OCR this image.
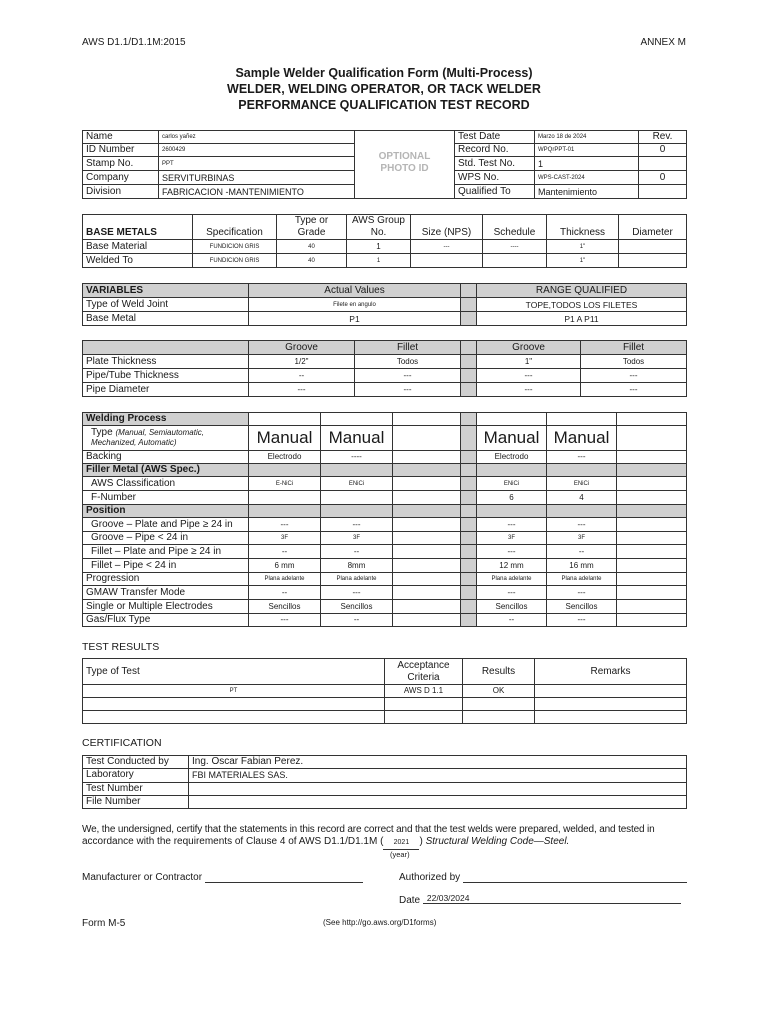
AWS D1.1/D1.1M:2015	ANNEX M
Sample Welder Qualification Form (Multi-Process)
WELDER, WELDING OPERATOR, OR TACK WELDER
PERFORMANCE QUALIFICATION TEST RECORD
Name	carlos yañez	OPTIONAL
PHOTO ID	Test Date	Marzo 18 de 2024	Rev.
ID Number	2600429		Record No.	WPQrPPT-01	0
Stamp No.	PPT		Std. Test No.	1	
Company	SERVITURBINAS		WPS No.	WPS-CAST-2024	0
Division	FABRICACION -MANTENIMIENTO		Qualified To	Mantenimiento	
BASE METALS	Specification	Type or Grade	AWS Group No.	Size (NPS)	Schedule	Thickness	Diameter
Base Material	FUNDICION GRIS	40	1	---	----	1"	
Welded To	FUNDICION GRIS	40	1			1"	
VARIABLES	Actual Values		RANGE QUALIFIED
Type of Weld Joint	Filete en angulo		TOPE,TODOS LOS FILETES
Base Metal	P1		P1 A P11
	Groove	Fillet		Groove	Fillet
Plate Thickness	1/2"	Todos		1"	Todos
Pipe/Tube Thickness	--	---		---	---
Pipe Diameter	---	---		---	---
Welding Process							
Type (Manual, Semiautomatic, Mechanized, Automatic)	Manual	Manual			Manual	Manual	
Backing	Electrodo	----			Electrodo	---	
Filler Metal (AWS Spec.)							
AWS Classification	E-NiCi	ENiCi			ENiCi	ENiCi	
F-Number					6	4	
Position							
Groove – Plate and Pipe ≥ 24 in	---	---			---	---	
Groove – Pipe < 24 in	3F	3F			3F	3F	
Fillet – Plate and Pipe ≥ 24 in	--	--			---	--	
Fillet – Pipe < 24 in	6 mm	8mm			12 mm	16 mm	
Progression	Plana adelante	Plana adelante			Plana adelante	Plana adelante	
GMAW Transfer Mode	--	---			---	---	
Single or Multiple Electrodes	Sencillos	Sencillos			Sencillos	Sencillos	
Gas/Flux Type	---	--			--	---	
TEST RESULTS
Type of Test	Acceptance Criteria	Results	Remarks
PT	AWS D 1.1	OK	

CERTIFICATION
Test Conducted by	Ing. Oscar Fabian Perez.
Laboratory	FBI MATERIALES SAS.
Test Number	
File Number	
We, the undersigned, certify that the statements in this record are correct and that the test welds were prepared, welded, and tested in
accordance with the requirements of Clause 4 of AWS D1.1/D1.1M ( 2021 ) Structural Welding Code—Steel.
(year)
Manufacturer or Contractor	Authorized by
Date 22/03/2024
Form M-5	(See http://go.aws.org/D1forms)
